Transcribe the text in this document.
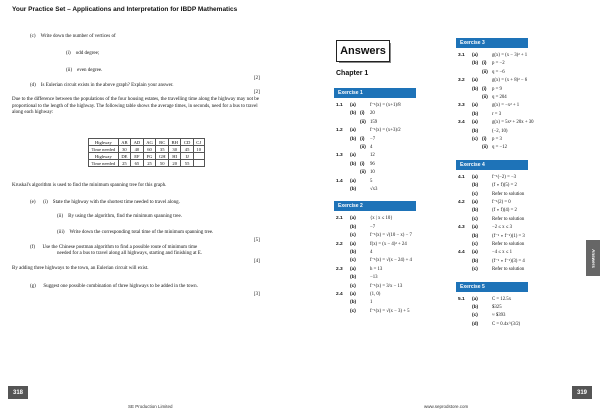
Your Practice Set – Applications and Interpretation for IBDP Mathematics
(c) Write down the number of vertices of
(i) odd degree;
(ii) even degree.
[2]
(d) Is Eulerian circuit exists in the above graph? Explain your answer.
[2]
Due to the difference between the populations of the four housing estates, the travelling time along the highway may not be proportional to the length of the highway. The following table shows the average times, in seconds, need for a bus to travel along each highway:
Highway	AB	AD	AG	BC	BH	CD	CJ
Time needed	30	40	60	35	30	45	10
Highway	DE	EF	FG	GH	HI	IJ	
Time needed	25	65	25	50	20	55	
Kruskal's algorithm is used to find the minimum spanning tree for this graph.
(e) (i) State the highway with the shortest time needed to travel along.
(ii) By using the algorithm, find the minimum spanning tree.
(iii) Write down the corresponding total time of the minimum spanning tree.
[5]
(f) Use the Chinese postman algorithm to find a possible route of minimum time
needed for a bus to travel along all highways, starting and finishing at E.
[4]
By adding three highways to the town, an Eulerian circuit will exist.
(g) Suggest one possible combination of three highways to be added in the town.
[3]
318
SE Production Limited
Answers
Chapter 1
Exercise 1
1.1 (a)	f⁻¹(x) = (x+1)/8
(b) (i) 20
(ii) 159
1.2 (a)	f⁻¹(x) = (x+3)/2
(b) (i) −7
(ii) 4
1.3 (a)	12
(b) (i) 96
(ii) 10
1.4 (a)	5
(b)	√x3
Exercise 2
2.1 (a)	{x | x ≤ 10}
(b)	−7
(c)	f⁻¹(x) = √(10 − x) − 7
2.2 (a)	f(x) = (x − 4)² + 24
(b)	4
(c)	f⁻¹(x) = √(x − 24) + 4
2.3 (a)	h = 13
(b)	−13
(c)	f⁻¹(x) = 3/x − 13
2.4 (a)	(1, 0)
(b)	1
(c)	f⁻¹(x) = √(x − 3) + 5
Exercise 3
3.1 (a)	g(x) = (x − 3)² + 1
(b) (i) p = −2
(ii) q = −6
3.2 (a)	g(x) = (x + 8)² − 6
(b) (i) p = 9
(ii) q = 204
3.3 (a)	g(x) = −x² + 1
(b)	r = 3
3.4 (a)	g(x) = 5x² + 20x + 30
(b)	(−2, 10)
(c) (i) p = 3
(ii) q = −12
Exercise 4
4.1 (a)	f⁻¹(−2) = −3
(b)	(f ∘ f)(5) = 2
(c)	Refer to solution
4.2 (a)	f⁻¹(2) = 0
(b)	(f ∘ f)(4) = 2
(c)	Refer to solution
4.3 (a)	−2 ≤ x ≤ 3
(b)	(f⁻¹ ∘ f⁻¹)(1) = 3
(c)	Refer to solution
4.4 (a)	−4 ≤ x ≤ 1
(b)	(f⁻¹ ∘ f⁻¹)(3) = 4
(c)	Refer to solution
Exercise 5
5.1 (a)	C = 12.5x
(b)	$325
(c)	≈ $393
(d)	C = 0.4x^(3/2)
Answers
319
www.seprodstore.com
